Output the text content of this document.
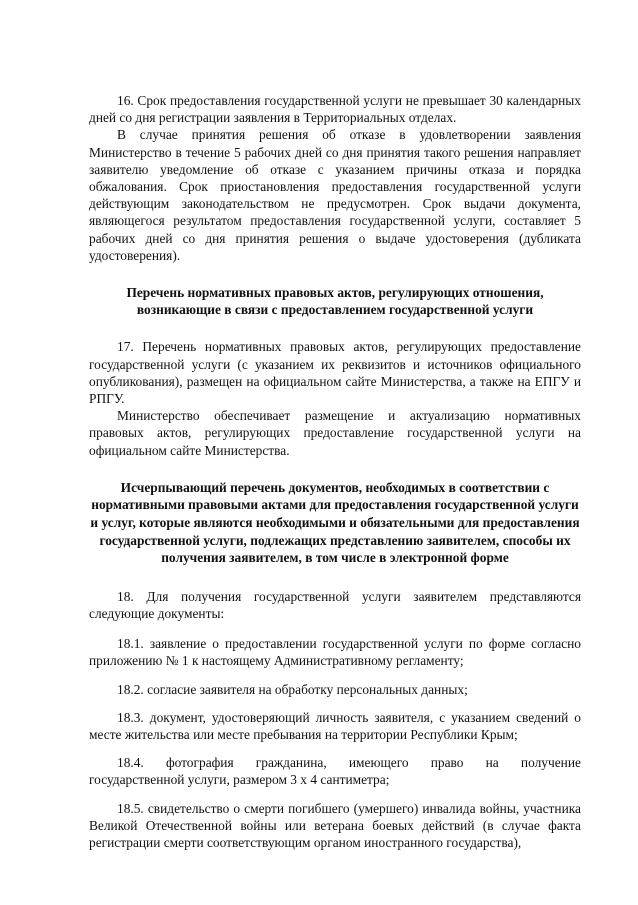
16. Срок предоставления государственной услуги не превышает 30 календарных дней со дня регистрации заявления в Территориальных отделах.

В случае принятия решения об отказе в удовлетворении заявления Министерство в течение 5 рабочих дней со дня принятия такого решения направляет заявителю уведомление об отказе с указанием причины отказа и порядка обжалования. Срок приостановления предоставления государственной услуги действующим законодательством не предусмотрен. Срок выдачи документа, являющегося результатом предоставления государственной услуги, составляет 5 рабочих дней со дня принятия решения о выдаче удостоверения (дубликата удостоверения).

Перечень нормативных правовых актов, регулирующих отношения, возникающие в связи с предоставлением государственной услуги

17. Перечень нормативных правовых актов, регулирующих предоставление государственной услуги (с указанием их реквизитов и источников официального опубликования), размещен на официальном сайте Министерства, а также на ЕПГУ и РПГУ.

Министерство обеспечивает размещение и актуализацию нормативных правовых актов, регулирующих предоставление государственной услуги на официальном сайте Министерства.

Исчерпывающий перечень документов, необходимых в соответствии с нормативными правовыми актами для предоставления государственной услуги и услуг, которые являются необходимыми и обязательными для предоставления государственной услуги, подлежащих представлению заявителем, способы их получения заявителем, в том числе в электронной форме

18. Для получения государственной услуги заявителем представляются следующие документы:

18.1. заявление о предоставлении государственной услуги по форме согласно приложению № 1 к настоящему Административному регламенту;

18.2. согласие заявителя на обработку персональных данных;

18.3. документ, удостоверяющий личность заявителя, с указанием сведений о месте жительства или месте пребывания на территории Республики Крым;

18.4. фотография гражданина, имеющего право на получение

государственной услуги, размером 3 х 4 сантиметра;

18.5. свидетельство о смерти погибшего (умершего) инвалида войны, участника Великой Отечественной войны или ветерана боевых действий (в случае факта регистрации смерти соответствующим органом иностранного государства),
